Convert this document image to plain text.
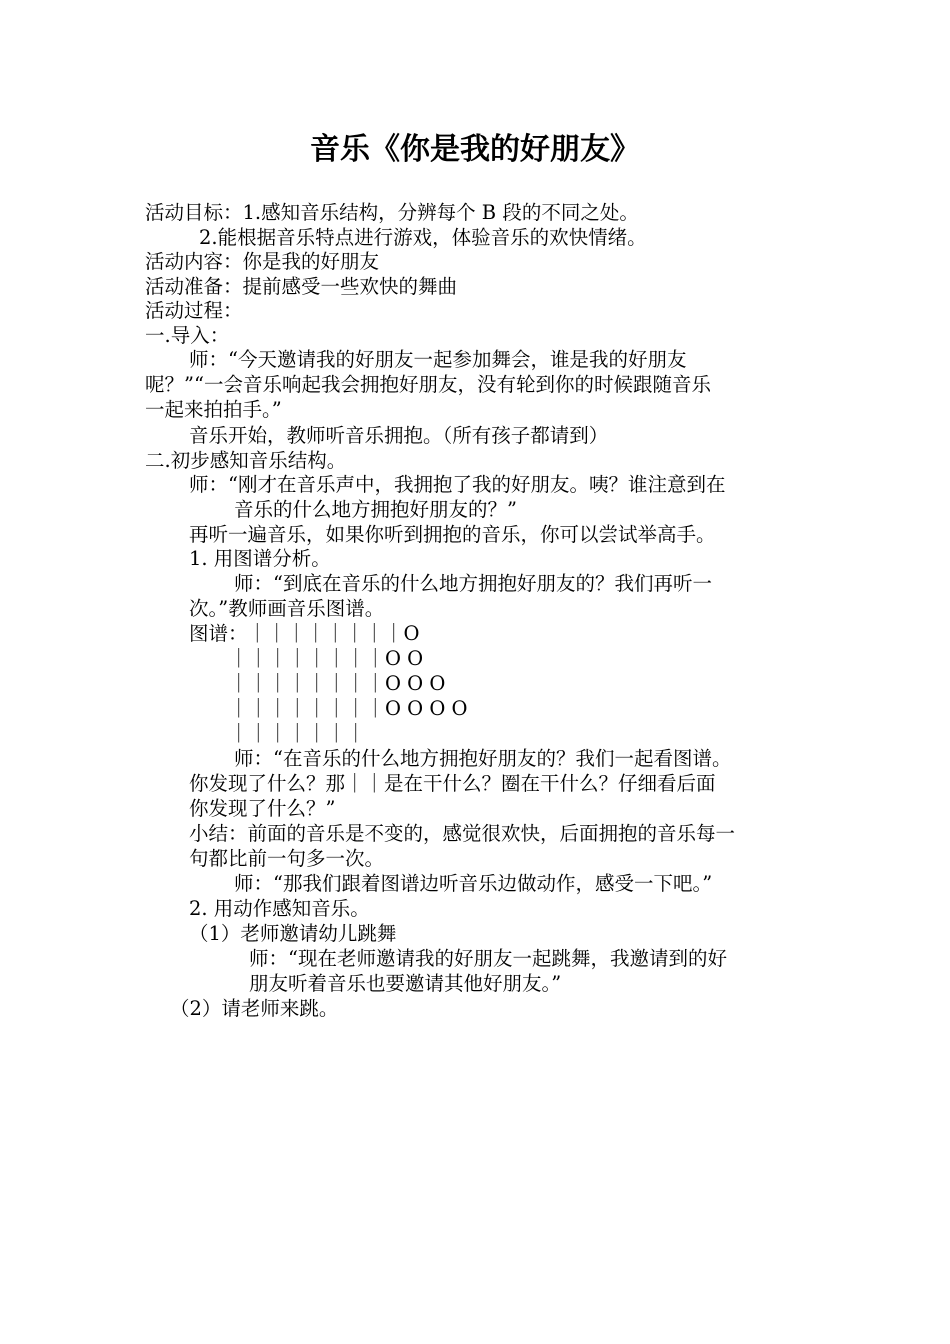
音乐《你是我的好朋友》
活动目标：1.感知音乐结构，分辨每个 B 段的不同之处。
2.能根据音乐特点进行游戏，体验音乐的欢快情绪。
活动内容：你是我的好朋友
活动准备：提前感受一些欢快的舞曲
活动过程：
一.导入：
师：“今天邀请我的好朋友一起参加舞会，谁是我的好朋友
呢？”“一会音乐响起我会拥抱好朋友，没有轮到你的时候跟随音乐
一起来拍拍手。”
音乐开始，教师听音乐拥抱。（所有孩子都请到）
二.初步感知音乐结构。
师：“刚才在音乐声中，我拥抱了我的好朋友。咦？谁注意到在
音乐的什么地方拥抱好朋友的？”
再听一遍音乐，如果你听到拥抱的音乐，你可以尝试举高手。
1. 用图谱分析。
师：“到底在音乐的什么地方拥抱好朋友的？我们再听一
次。”教师画音乐图谱。
图谱：｜｜｜｜｜｜｜｜O
｜｜｜｜｜｜｜｜O O
｜｜｜｜｜｜｜｜O O O
｜｜｜｜｜｜｜｜O O O O
｜｜｜｜｜｜｜
师：“在音乐的什么地方拥抱好朋友的？我们一起看图谱。
你发现了什么？那｜｜是在干什么？圈在干什么？仔细看后面
你发现了什么？”
小结：前面的音乐是不变的，感觉很欢快，后面拥抱的音乐每一
句都比前一句多一次。
师：“那我们跟着图谱边听音乐边做动作，感受一下吧。”
2. 用动作感知音乐。
（1）老师邀请幼儿跳舞
师：“现在老师邀请我的好朋友一起跳舞，我邀请到的好
朋友听着音乐也要邀请其他好朋友。”
（2）请老师来跳。
